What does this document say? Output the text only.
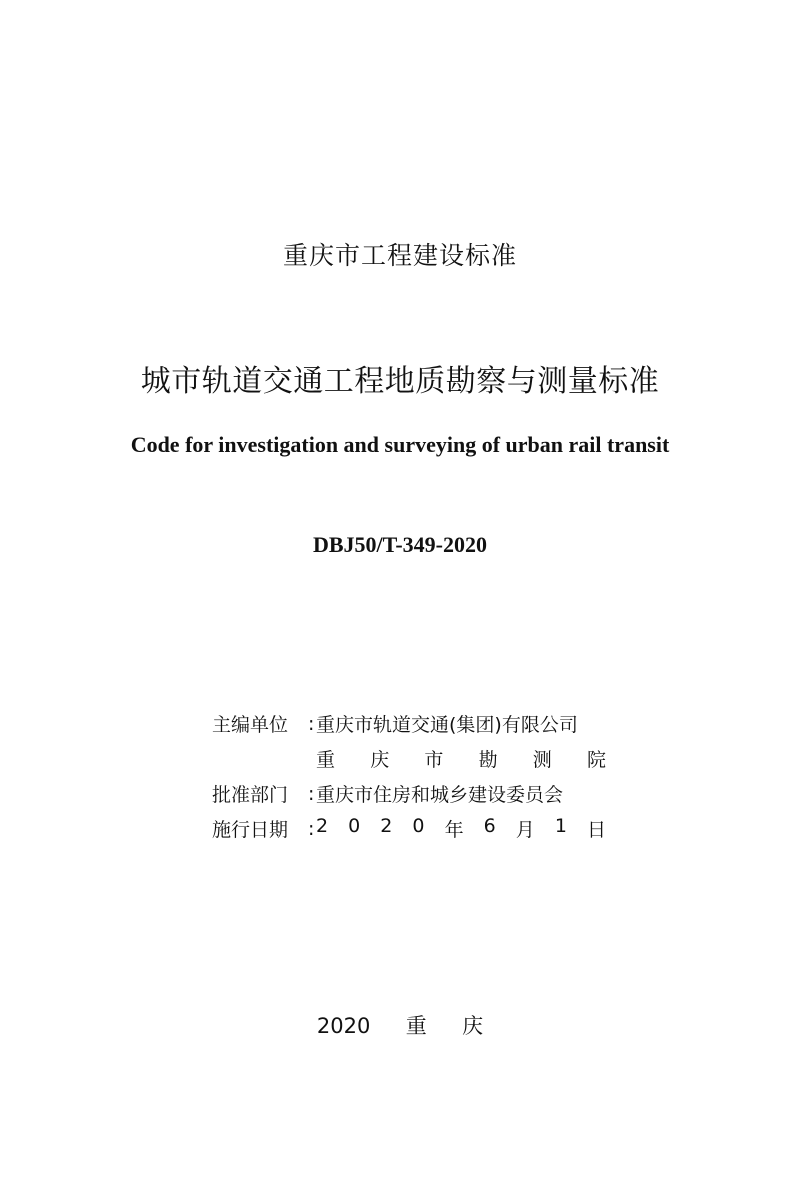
重庆市工程建设标准
城市轨道交通工程地质勘察与测量标准
Code for investigation and surveying of urban rail transit
DBJ50/T-349-2020
主编单位	: 重庆市轨道交通(集团)有限公司
重 庆 市 勘 测 院
批准部门	: 重庆市住房和城乡建设委员会
施行日期	: 2 0 2 0 年 6 月 1 日
2020 重 庆
